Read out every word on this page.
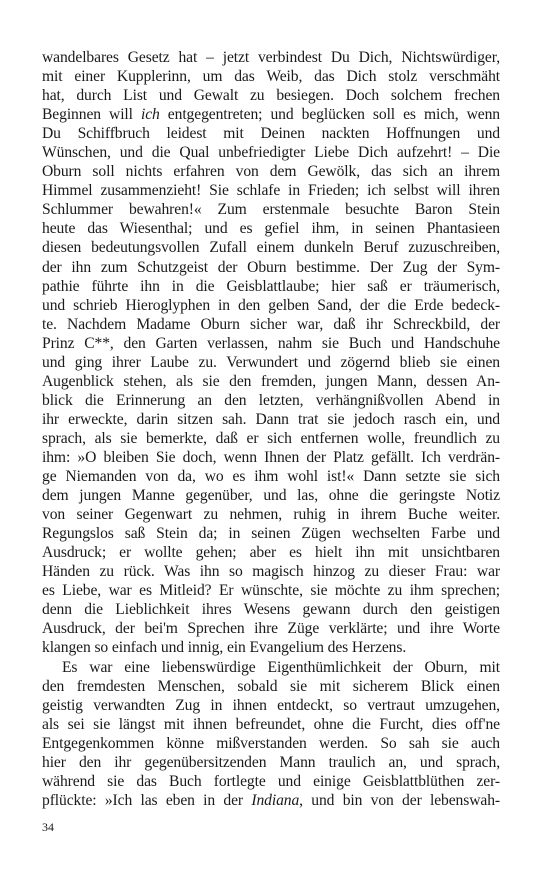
wandelbares Gesetz hat – jetzt verbindest Du Dich, Nichtswürdiger,
mit einer Kupplerinn, um das Weib, das Dich stolz verschmäht
hat, durch List und Gewalt zu besiegen. Doch solchem frechen
Beginnen will ich entgegentreten; und beglücken soll es mich, wenn
Du Schiffbruch leidest mit Deinen nackten Hoffnungen und
Wünschen, und die Qual unbefriedigter Liebe Dich aufzehrt! – Die
Oburn soll nichts erfahren von dem Gewölk, das sich an ihrem
Himmel zusammenzieht! Sie schlafe in Frieden; ich selbst will ihren
Schlummer bewahren!« Zum erstenmale besuchte Baron Stein
heute das Wiesenthal; und es gefiel ihm, in seinen Phantasieen
diesen bedeutungsvollen Zufall einem dunkeln Beruf zuzuschreiben,
der ihn zum Schutzgeist der Oburn bestimme. Der Zug der Sym-
pathie führte ihn in die Geisblattlaube; hier saß er träumerisch,
und schrieb Hieroglyphen in den gelben Sand, der die Erde bedeck-
te. Nachdem Madame Oburn sicher war, daß ihr Schreckbild, der
Prinz C**, den Garten verlassen, nahm sie Buch und Handschuhe
und ging ihrer Laube zu. Verwundert und zögernd blieb sie einen
Augenblick stehen, als sie den fremden, jungen Mann, dessen An-
blick die Erinnerung an den letzten, verhängnißvollen Abend in
ihr erweckte, darin sitzen sah. Dann trat sie jedoch rasch ein, und
sprach, als sie bemerkte, daß er sich entfernen wolle, freundlich zu
ihm: »O bleiben Sie doch, wenn Ihnen der Platz gefällt. Ich verdrän-
ge Niemanden von da, wo es ihm wohl ist!« Dann setzte sie sich
dem jungen Manne gegenüber, und las, ohne die geringste Notiz
von seiner Gegenwart zu nehmen, ruhig in ihrem Buche weiter.
Regungslos saß Stein da; in seinen Zügen wechselten Farbe und
Ausdruck; er wollte gehen; aber es hielt ihn mit unsichtbaren
Händen zu rück. Was ihn so magisch hinzog zu dieser Frau: war
es Liebe, war es Mitleid? Er wünschte, sie möchte zu ihm sprechen;
denn die Lieblichkeit ihres Wesens gewann durch den geistigen
Ausdruck, der bei'm Sprechen ihre Züge verklärte; und ihre Worte
klangen so einfach und innig, ein Evangelium des Herzens.
Es war eine liebenswürdige Eigenthümlichkeit der Oburn, mit
den fremdesten Menschen, sobald sie mit sicherem Blick einen
geistig verwandten Zug in ihnen entdeckt, so vertraut umzugehen,
als sei sie längst mit ihnen befreundet, ohne die Furcht, dies off'ne
Entgegenkommen könne mißverstanden werden. So sah sie auch
hier den ihr gegenübersitzenden Mann traulich an, und sprach,
während sie das Buch fortlegte und einige Geisblattblüthen zer-
pflückte: »Ich las eben in der Indiana, und bin von der lebenswah-
34
